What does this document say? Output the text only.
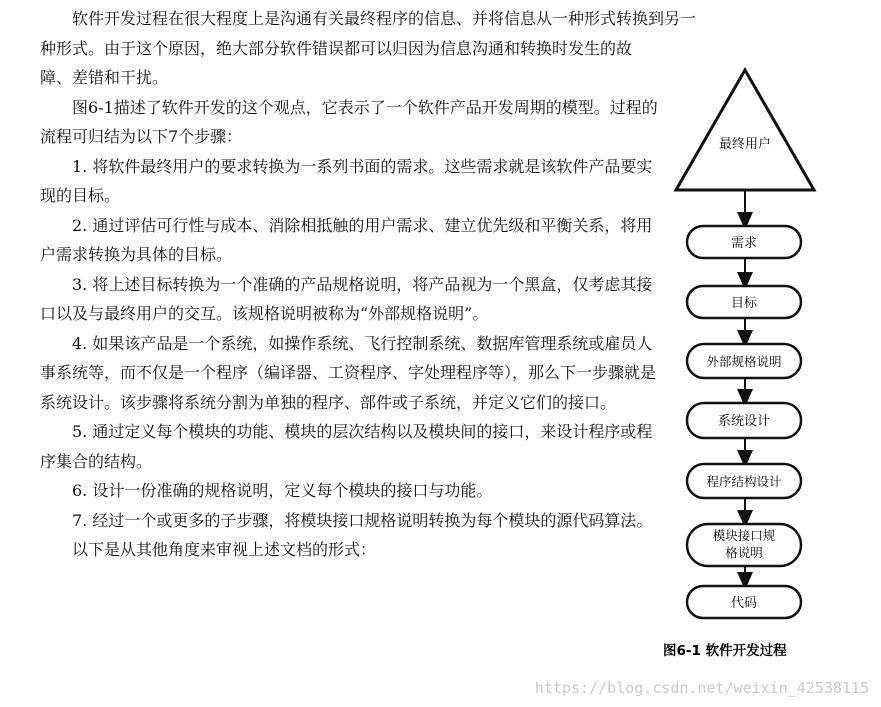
软件开发过程在很大程度上是沟通有关最终程序的信息、并将信息从一种形式转换到另一

种形式。由于这个原因，绝大部分软件错误都可以归因为信息沟通和转换时发生的故障、差错和干扰。

图6-1描述了软件开发的这个观点，它表示了一个软件产品开发周期的模型。过程的流程可归结为以下7个步骤：

1. 将软件最终用户的要求转换为一系列书面的需求。这些需求就是该软件产品要实现的目标。

2. 通过评估可行性与成本、消除相抵触的用户需求、建立优先级和平衡关系，将用户需求转换为具体的目标。

3. 将上述目标转换为一个准确的产品规格说明，将产品视为一个黑盒，仅考虑其接口以及与最终用户的交互。该规格说明被称为“外部规格说明”。

4. 如果该产品是一个系统，如操作系统、飞行控制系统、数据库管理系统或雇员人事系统等，而不仅是一个程序（编译器、工资程序、字处理程序等），那么下一步骤就是系统设计。该步骤将系统分割为单独的程序、部件或子系统，并定义它们的接口。

5. 通过定义每个模块的功能、模块的层次结构以及模块间的接口，来设计程序或程序集合的结构。

6. 设计一份准确的规格说明，定义每个模块的接口与功能。

7. 经过一个或更多的子步骤，将模块接口规格说明转换为每个模块的源代码算法。

以下是从其他角度来审视上述文档的形式：

最终用户
需求
目标
外部规格说明
系统设计
程序结构设计
模块接口规
格说明
代码
图6-1 软件开发过程
https://blog.csdn.net/weixin_42538115
